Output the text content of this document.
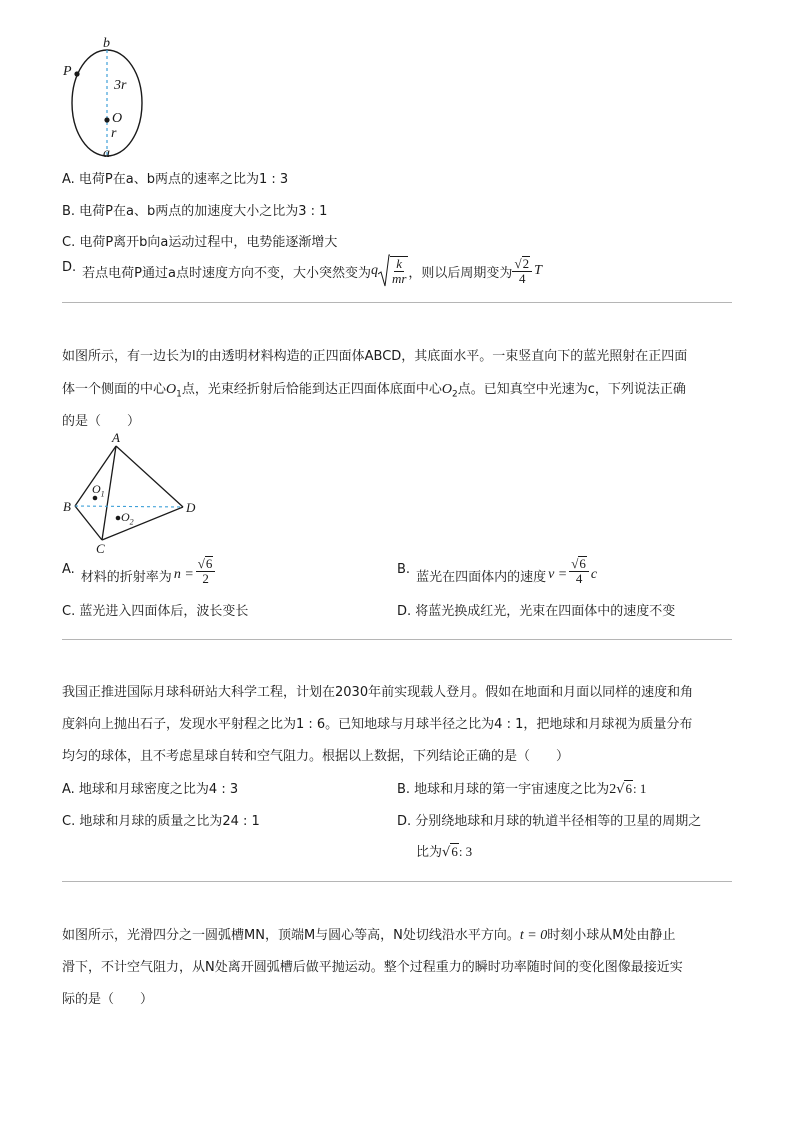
b
P
3r
O
r
a
A. 电荷P在a、b两点的速率之比为1 : 3
B. 电荷P在a、b两点的加速度大小之比为3 : 1
C. 电荷P离开b向a运动过程中，电势能逐渐增大
D. 若点电荷P通过a点时速度方向不变，大小突然变为 q $\frac{k}{mr}$ ，则以后周期变为 $\frac{√2}{4}$ T
如图所示，有一边长为l的由透明材料构造的正四面体ABCD，其底面水平。一束竖直向下的蓝光照射在正四面
体一个侧面的中心$O_1$点，光束经折射后恰能到达正四面体底面中心$O_2$点。已知真空中光速为c，下列说法正确
的是（　　）
A
B
C
D
$O_1$
$O_2$
A. 材料的折射率为 $n = \frac{√6}{2}$	B. 蓝光在四面体内的速度 $v = \frac{√6}{4}$ c
C. 蓝光进入四面体后，波长变长	D. 将蓝光换成红光，光束在四面体中的速度不变
我国正推进国际月球科研站大科学工程，计划在2030年前实现载人登月。假如在地面和月面以同样的速度和角
度斜向上抛出石子，发现水平射程之比为1 : 6。已知地球与月球半径之比为4 : 1，把地球和月球视为质量分布
均匀的球体，且不考虑星球自转和空气阻力。根据以上数据，下列结论正确的是（　　）
A. 地球和月球密度之比为4 : 3	B. 地球和月球的第一宇宙速度之比为2√6: 1
C. 地球和月球的质量之比为24 : 1	D. 分别绕地球和月球的轨道半径相等的卫星的周期之
比为√6: 3
如图所示，光滑四分之一圆弧槽MN，顶端M与圆心等高，N处切线沿水平方向。t = 0时刻小球从M处由静止
滑下，不计空气阻力，从N处离开圆弧槽后做平抛运动。整个过程重力的瞬时功率随时间的变化图像最接近实
际的是（　　）
